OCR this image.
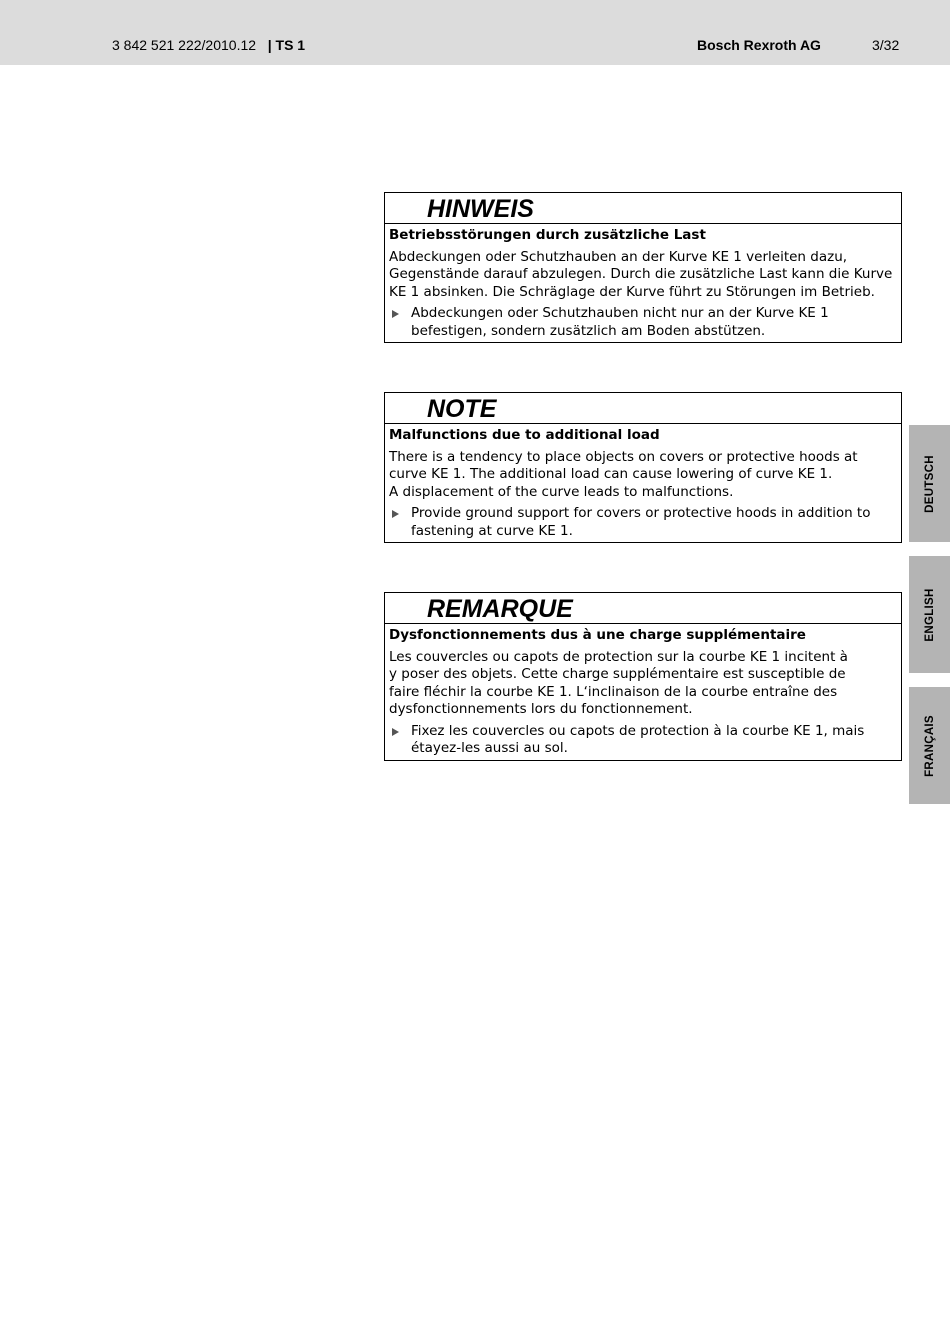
3 842 521 222/2010.12 | TS 1	Bosch Rexroth AG	3/32
HINWEIS
Betriebsstörungen durch zusätzliche Last
Abdeckungen oder Schutzhauben an der Kurve KE 1 verleiten dazu,
Gegenstände darauf abzulegen. Durch die zusätzliche Last kann die Kurve
KE 1 absinken. Die Schräglage der Kurve führt zu Störungen im Betrieb.
Abdeckungen oder Schutzhauben nicht nur an der Kurve KE 1
befestigen, sondern zusätzlich am Boden abstützen.
NOTE
Malfunctions due to additional load
There is a tendency to place objects on covers or protective hoods at
curve KE 1. The additional load can cause lowering of curve KE 1.
A displacement of the curve leads to malfunctions.
Provide ground support for covers or protective hoods in addition to
fastening at curve KE 1.
REMARQUE
Dysfonctionnements dus à une charge supplémentaire
Les couvercles ou capots de protection sur la courbe KE 1 incitent à
y poser des objets. Cette charge supplémentaire est susceptible de
faire fléchir la courbe KE 1. L‘inclinaison de la courbe entraîne des
dysfonctionnements lors du fonctionnement.
Fixez les couvercles ou capots de protection à la courbe KE 1, mais
étayez-les aussi au sol.
DEUTSCH
ENGLISH
FRANÇAIS
